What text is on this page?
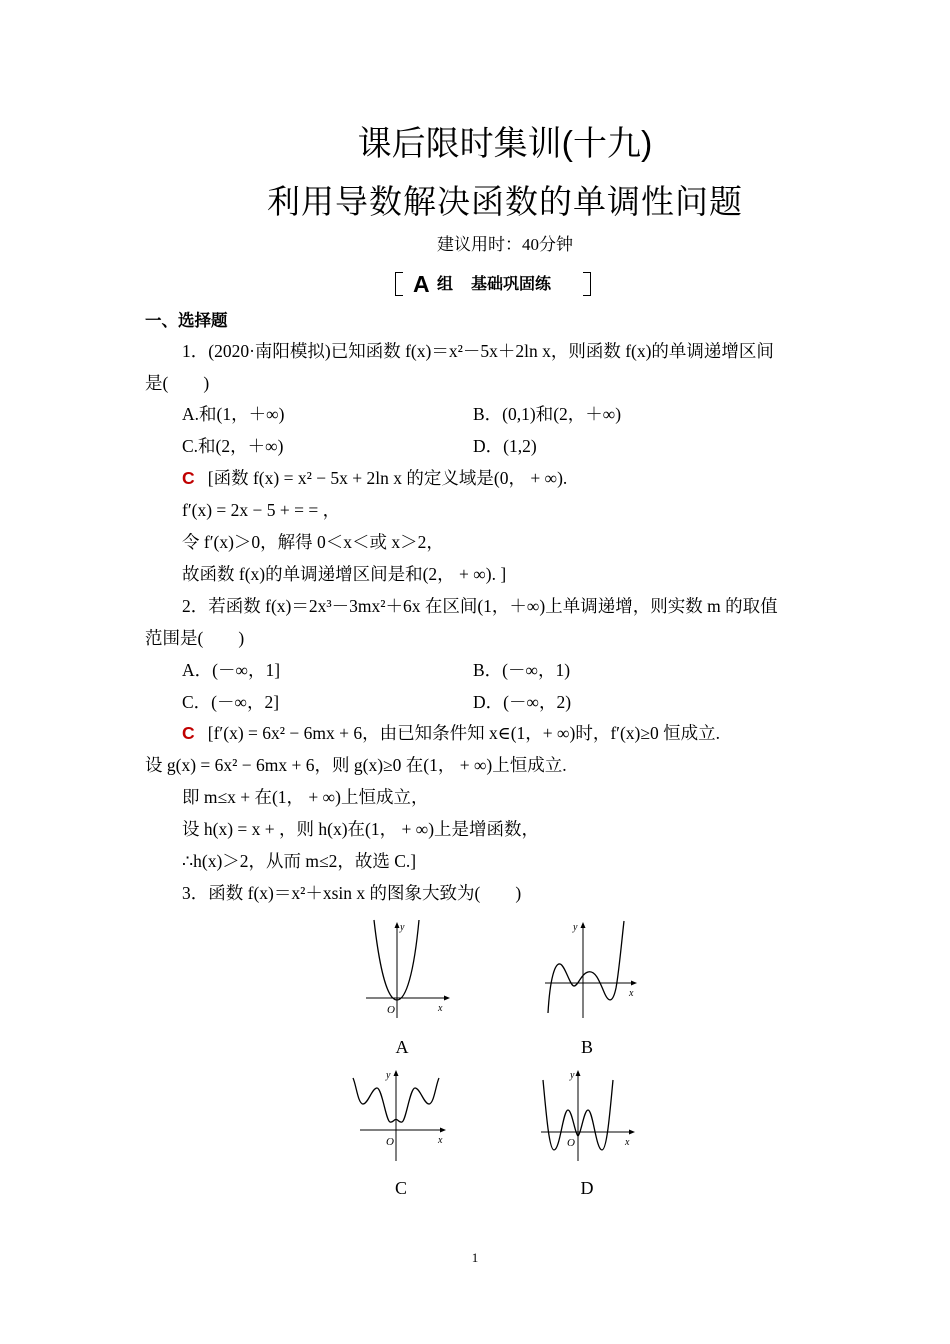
课后限时集训(十九)
利用导数解决函数的单调性问题
建议用时：40分钟
A 组 基础巩固练
一、选择题
1．(2020·南阳模拟)已知函数 f(x)＝x²－5x＋2ln x，则函数 f(x)的单调递增区间
是(　　)
A.和(1，＋∞)	B．(0,1)和(2，＋∞)
C.和(2，＋∞)	D．(1,2)
C [函数 f(x) = x² − 5x + 2ln x 的定义域是(0， + ∞).
f′(x) = 2x − 5 + = = ，
令 f′(x)＞0，解得 0＜x＜或 x＞2，
故函数 f(x)的单调递增区间是和(2， + ∞). ]
2．若函数 f(x)＝2x³－3mx²＋6x 在区间(1，＋∞)上单调递增，则实数 m 的取值
范围是(　　)
A．(－∞，1]	B．(－∞，1)
C．(－∞，2]	D．(－∞，2)
C [f′(x) = 6x² − 6mx + 6，由已知条件知 x∈(1，+ ∞)时，f′(x)≥0 恒成立.
设 g(x) = 6x² − 6mx + 6，则 g(x)≥0 在(1， + ∞)上恒成立.
即 m≤x + 在(1， + ∞)上恒成立，
设 h(x) = x + ，则 h(x)在(1， + ∞)上是增函数，
∴h(x)＞2，从而 m≤2，故选 C.]
3．函数 f(x)＝x²＋xsin x 的图象大致为(　　)
y
x
O
A
y
x
B
y
x
O
C
y
x
O
D
1
